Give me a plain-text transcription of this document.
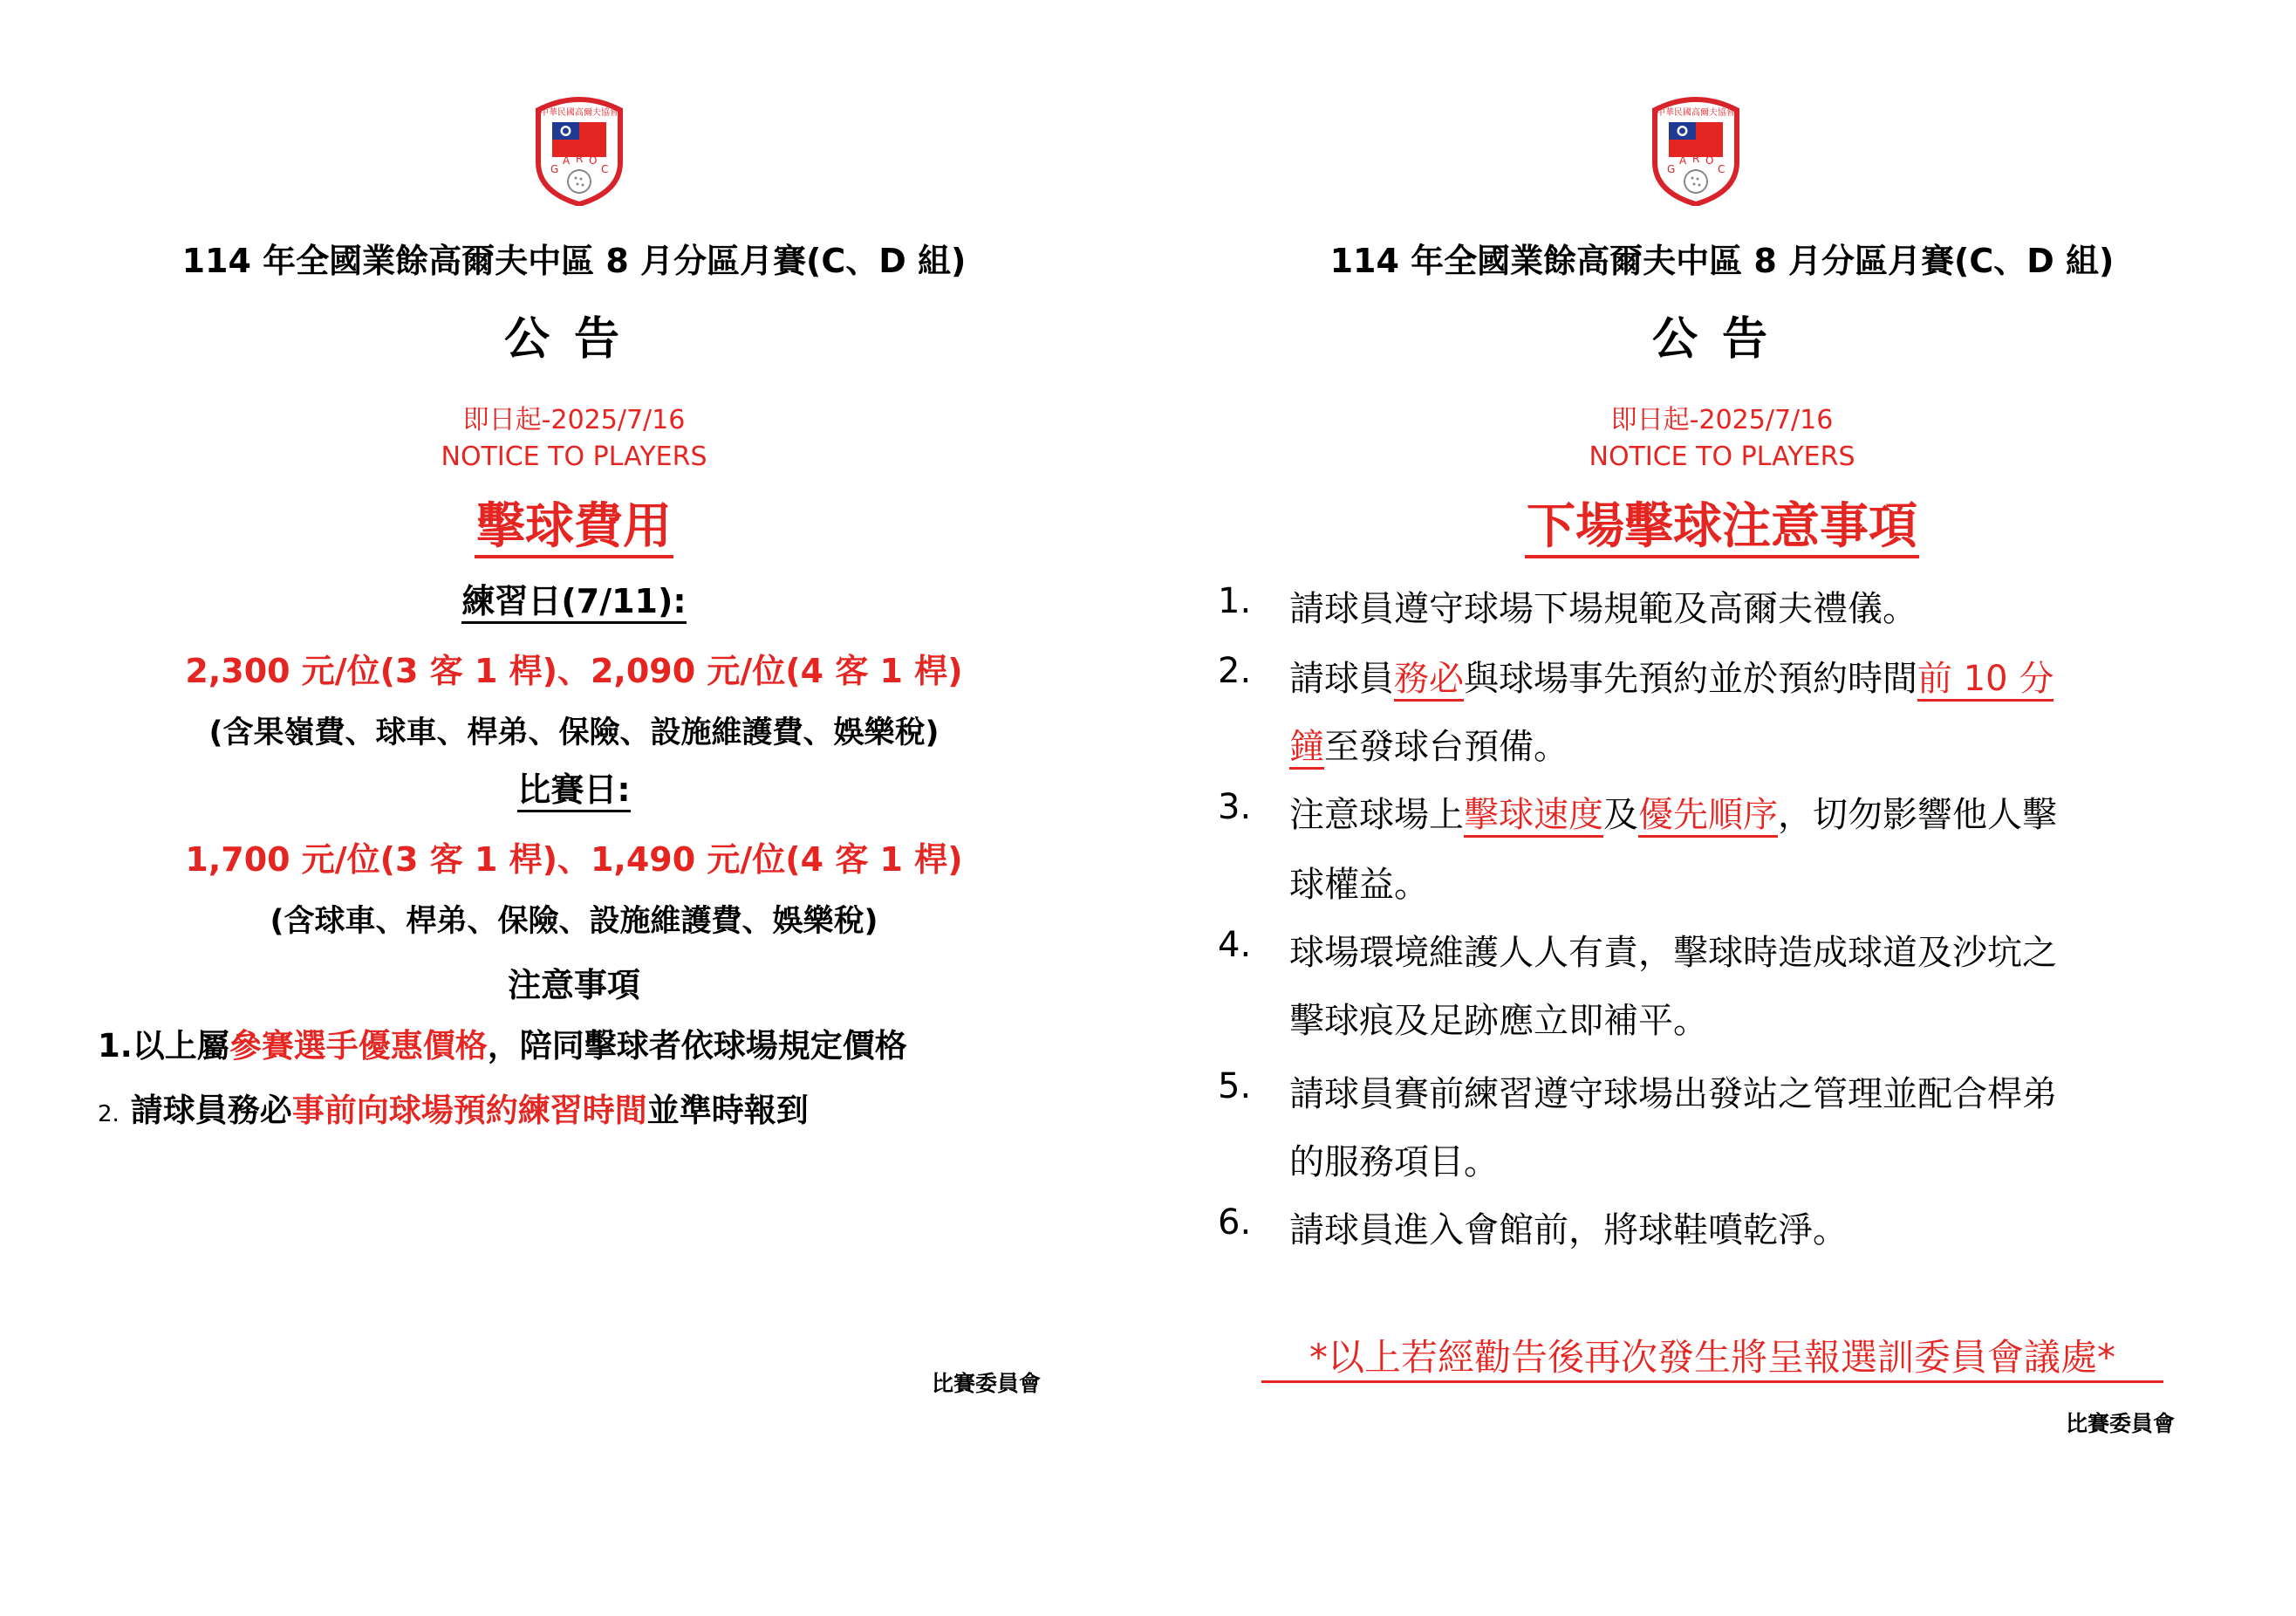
中華民國高爾夫協會
G
A R O
C
114 年全國業餘高爾夫中區 8 月分區月賽(C、D 組)
公告
即日起-2025/7/16
NOTICE TO PLAYERS
擊球費用
練習日(7/11):
2,300 元/位(3 客 1 桿)、2,090 元/位(4 客 1 桿)
(含果嶺費、球車、桿弟、保險、設施維護費、娛樂稅)
比賽日:
1,700 元/位(3 客 1 桿)、1,490 元/位(4 客 1 桿)
(含球車、桿弟、保險、設施維護費、娛樂稅)
注意事項
1.以上屬參賽選手優惠價格，陪同擊球者依球場規定價格
2. 請球員務必事前向球場預約練習時間並準時報到
比賽委員會
中華民國高爾夫協會
G
A R O
C
114 年全國業餘高爾夫中區 8 月分區月賽(C、D 組)
公告
即日起-2025/7/16
NOTICE TO PLAYERS
下場擊球注意事項
1.	請球員遵守球場下場規範及高爾夫禮儀。
2.	請球員務必與球場事先預約並於預約時間前 10 分
鐘至發球台預備。
3.	注意球場上擊球速度及優先順序，切勿影響他人擊
球權益。
4.	球場環境維護人人有責，擊球時造成球道及沙坑之
擊球痕及足跡應立即補平。
5.	請球員賽前練習遵守球場出發站之管理並配合桿弟
的服務項目。
6.	請球員進入會館前，將球鞋噴乾淨。
*以上若經勸告後再次發生將呈報選訓委員會議處*
比賽委員會
